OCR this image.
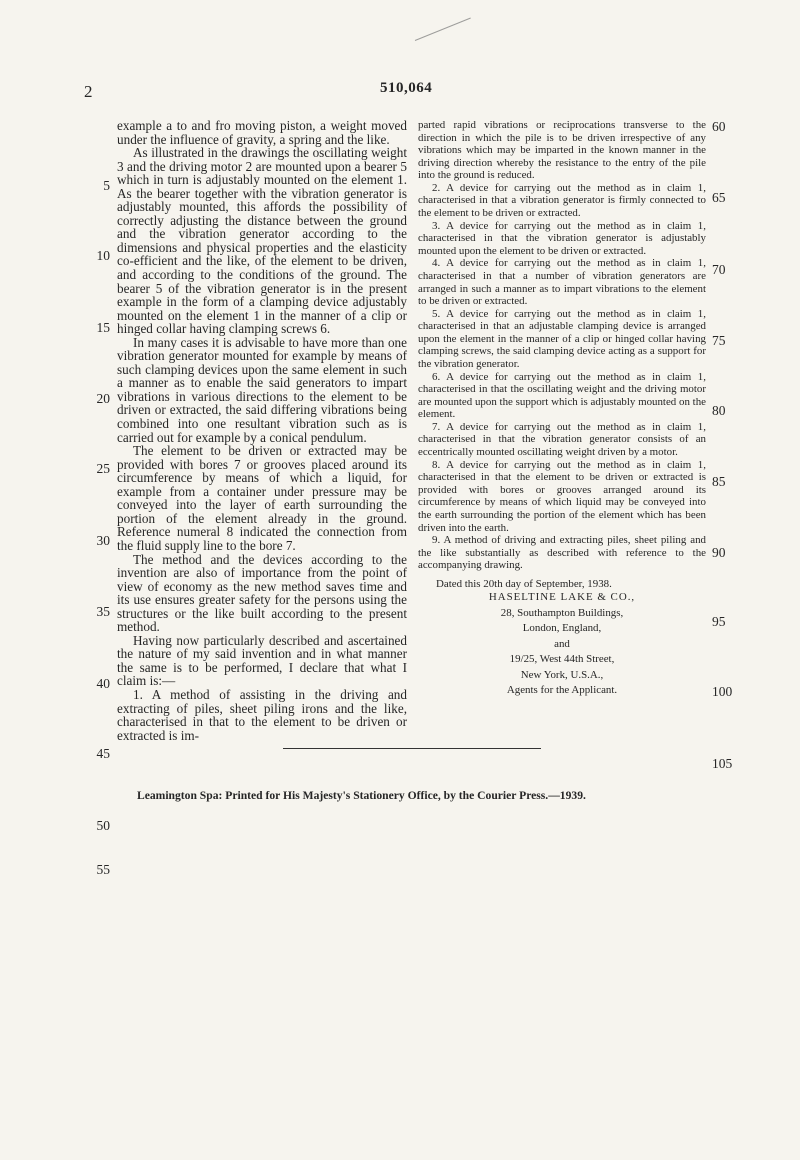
2	510,064

example a to and fro moving piston, a weight moved under the influence of gravity, a spring and the like.

As illustrated in the drawings the oscillating weight 3 and the driving motor 2 are mounted upon a bearer 5 which in turn is adjustably mounted on the element 1. As the bearer together with the vibration generator is adjustably mounted, this affords the possibility of correctly adjusting the distance between the ground and the vibration generator according to the dimensions and physical properties and the elasticity co-efficient and the like, of the element to be driven, and according to the conditions of the ground. The bearer 5 of the vibration generator is in the present example in the form of a clamping device adjustably mounted on the element 1 in the manner of a clip or hinged collar having clamping screws 6.

In many cases it is advisable to have more than one vibration generator mounted for example by means of such clamping devices upon the same element in such a manner as to enable the said generators to impart vibrations in various directions to the element to be driven or extracted, the said differing vibrations being combined into one resultant vibration such as is carried out for example by a conical pendulum.

The element to be driven or extracted may be provided with bores 7 or grooves placed around its circumference by means of which a liquid, for example from a container under pressure may be conveyed into the layer of earth surrounding the portion of the element already in the ground. Reference numeral 8 indicated the connection from the fluid supply line to the bore 7.

The method and the devices according to the invention are also of importance from the point of view of economy as the new method saves time and its use ensures greater safety for the persons using the structures or the like built according to the present method.

Having now particularly described and ascertained the nature of my said invention and in what manner the same is to be performed, I declare that what I claim is:—

1. A method of assisting in the driving and extracting of piles, sheet piling irons and the like, characterised in that to the element to be driven or extracted is im-

parted rapid vibrations or reciprocations transverse to the direction in which the pile is to be driven irrespective of any vibrations which may be imparted in the known manner in the driving direction whereby the resistance to the entry of the pile into the ground is reduced.

2. A device for carrying out the method as in claim 1, characterised in that a vibration generator is firmly connected to the element to be driven or extracted.

3. A device for carrying out the method as in claim 1, characterised in that the vibration generator is adjustably mounted upon the element to be driven or extracted.

4. A device for carrying out the method as in claim 1, characterised in that a number of vibration generators are arranged in such a manner as to impart vibrations to the element to be driven or extracted.

5. A device for carrying out the method as in claim 1, characterised in that an adjustable clamping device is arranged upon the element in the manner of a clip or hinged collar having clamping screws, the said clamping device acting as a support for the vibration generator.

6. A device for carrying out the method as in claim 1, characterised in that the oscillating weight and the driving motor are mounted upon the support which is adjustably mounted on the element.

7. A device for carrying out the method as in claim 1, characterised in that the vibration generator consists of an eccentrically mounted oscillating weight driven by a motor.

8. A device for carrying out the method as in claim 1, characterised in that the element to be driven or extracted is provided with bores or grooves arranged around its circumference by means of which liquid may be conveyed into the earth surrounding the portion of the element which has been driven into the earth.

9. A method of driving and extracting piles, sheet piling and the like substantially as described with reference to the accompanying drawing.

Dated this 20th day of September, 1938.

HASELTINE LAKE & CO.,
28, Southampton Buildings,
London, England,
and
19/25, West 44th Street,
New York, U.S.A.,
Agents for the Applicant.
5
10
15
20
25
30
35
40
45
50
55
60
65
70
75
80
85
90
95
100
105
Leamington Spa: Printed for His Majesty's Stationery Office, by the Courier Press.—1939.
